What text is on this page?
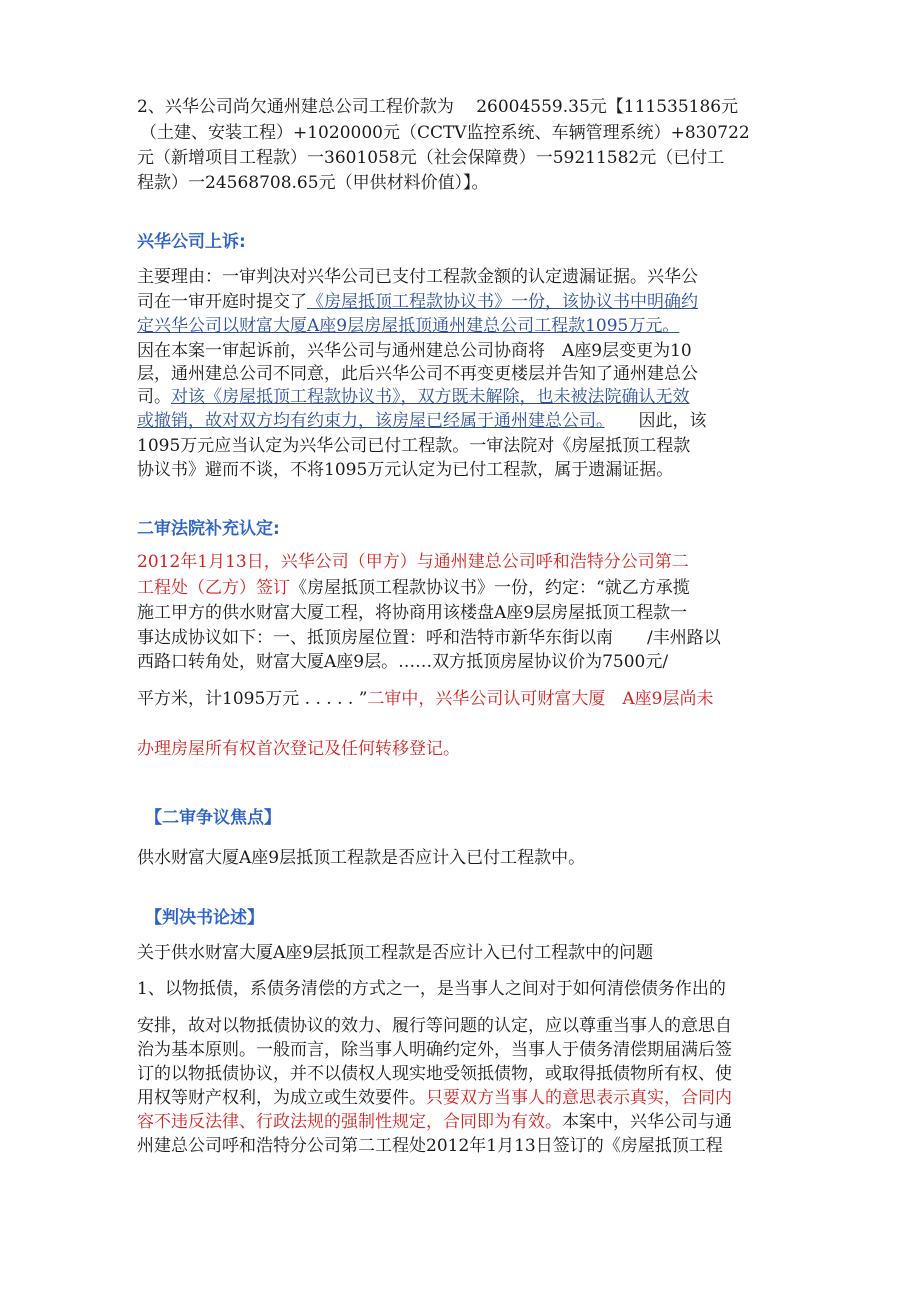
2、兴华公司尚欠通州建总公司工程价款为　 26004559.35元【111535186元
（土建、安装工程）+1020000元（CCTV监控系统、车辆管理系统）+830722
元（新增项目工程款）一3601058元（社会保障费）一59211582元（已付工
程款）一24568708.65元（甲供材料价值）】。
兴华公司上诉:
主要理由：一审判决对兴华公司已支付工程款金额的认定遗漏证据。兴华公
司在一审开庭时提交了《房屋抵顶工程款协议书》一份，该协议书中明确约
定兴华公司以财富大厦A座9层房屋抵顶通州建总公司工程款1095万元。
因在本案一审起诉前，兴华公司与通州建总公司协商将　A座9层变更为10
层，通州建总公司不同意，此后兴华公司不再变更楼层并告知了通州建总公
司。对该《房屋抵顶工程款协议书》，双方既未解除，也未被法院确认无效
或撤销，故对双方均有约束力，该房屋已经属于通州建总公司。　　因此，该
1095万元应当认定为兴华公司已付工程款。一审法院对《房屋抵顶工程款
协议书》避而不谈，不将1095万元认定为已付工程款，属于遗漏证据。
二审法院补充认定:
2012年1月13日，兴华公司（甲方）与通州建总公司呼和浩特分公司第二
工程处（乙方）签订《房屋抵顶工程款协议书》一份，约定：“就乙方承揽
施工甲方的供水财富大厦工程，将协商用该楼盘A座9层房屋抵顶工程款一
事达成协议如下：一、抵顶房屋位置：呼和浩特市新华东街以南　　/丰州路以
西路口转角处，财富大厦A座9层。……双方抵顶房屋协议价为7500元/
平方米，计1095万元 . . . . . ”二审中，兴华公司认可财富大厦　A座9层尚未
办理房屋所有权首次登记及任何转移登记。
【二审争议焦点】
供水财富大厦A座9层抵顶工程款是否应计入已付工程款中。
【判决书论述】
关于供水财富大厦A座9层抵顶工程款是否应计入已付工程款中的问题
1、以物抵债，系债务清偿的方式之一，是当事人之间对于如何清偿债务作出的
安排，故对以物抵债协议的效力、履行等问题的认定，应以尊重当事人的意思自
治为基本原则。一般而言，除当事人明确约定外，当事人于债务清偿期届满后签
订的以物抵债协议，并不以债权人现实地受领抵债物，或取得抵债物所有权、使
用权等财产权利，为成立或生效要件。只要双方当事人的意思表示真实，合同内
容不违反法律、行政法规的强制性规定，合同即为有效。本案中，兴华公司与通
州建总公司呼和浩特分公司第二工程处2012年1月13日签订的《房屋抵顶工程
